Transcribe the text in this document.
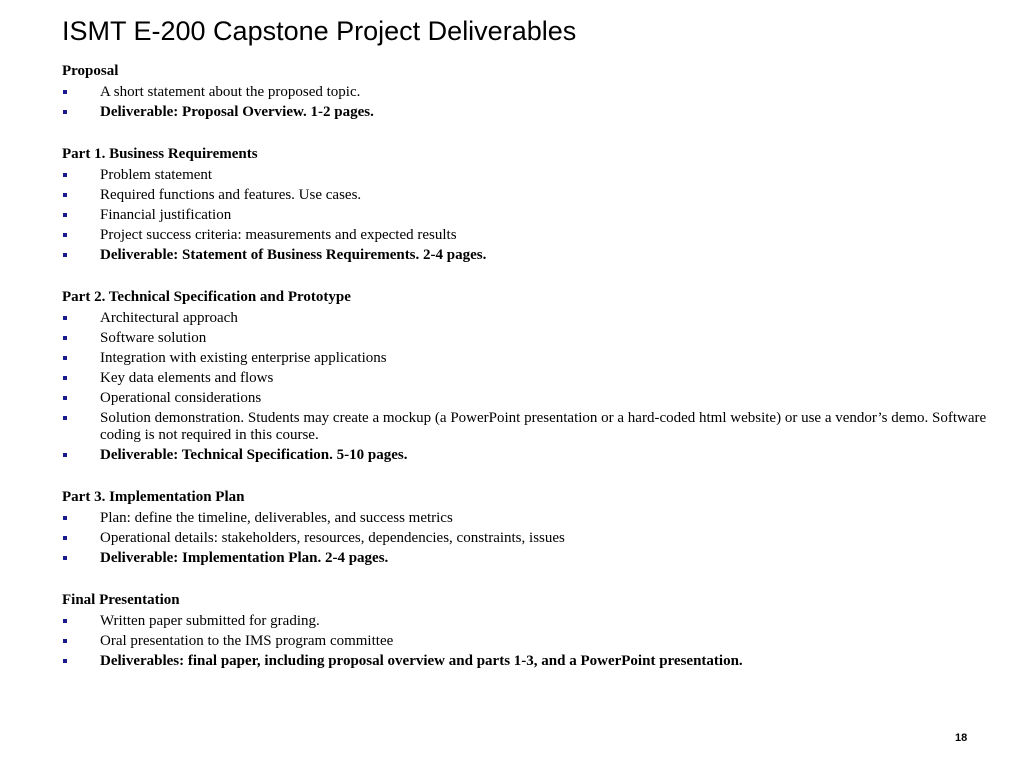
ISMT E-200 Capstone Project Deliverables
Proposal
A short statement about the proposed topic.
Deliverable: Proposal Overview. 1-2 pages.
Part 1. Business Requirements
Problem statement
Required functions and features. Use cases.
Financial justification
Project success criteria: measurements and expected results
Deliverable: Statement of Business Requirements. 2-4 pages.
Part 2. Technical Specification and Prototype
Architectural approach
Software solution
Integration with existing enterprise applications
Key data elements and flows
Operational considerations
Solution demonstration. Students may create a mockup (a PowerPoint presentation or a hard-coded html website) or use a vendor’s demo. Software coding is not required in this course.
Deliverable: Technical Specification. 5-10 pages.
Part 3. Implementation Plan
Plan: define the timeline, deliverables, and success metrics
Operational details: stakeholders, resources, dependencies, constraints, issues
Deliverable: Implementation Plan. 2-4 pages.
Final Presentation
Written paper submitted for grading.
Oral presentation to the IMS program committee
Deliverables: final paper, including proposal overview and parts 1-3, and a PowerPoint presentation.
18
